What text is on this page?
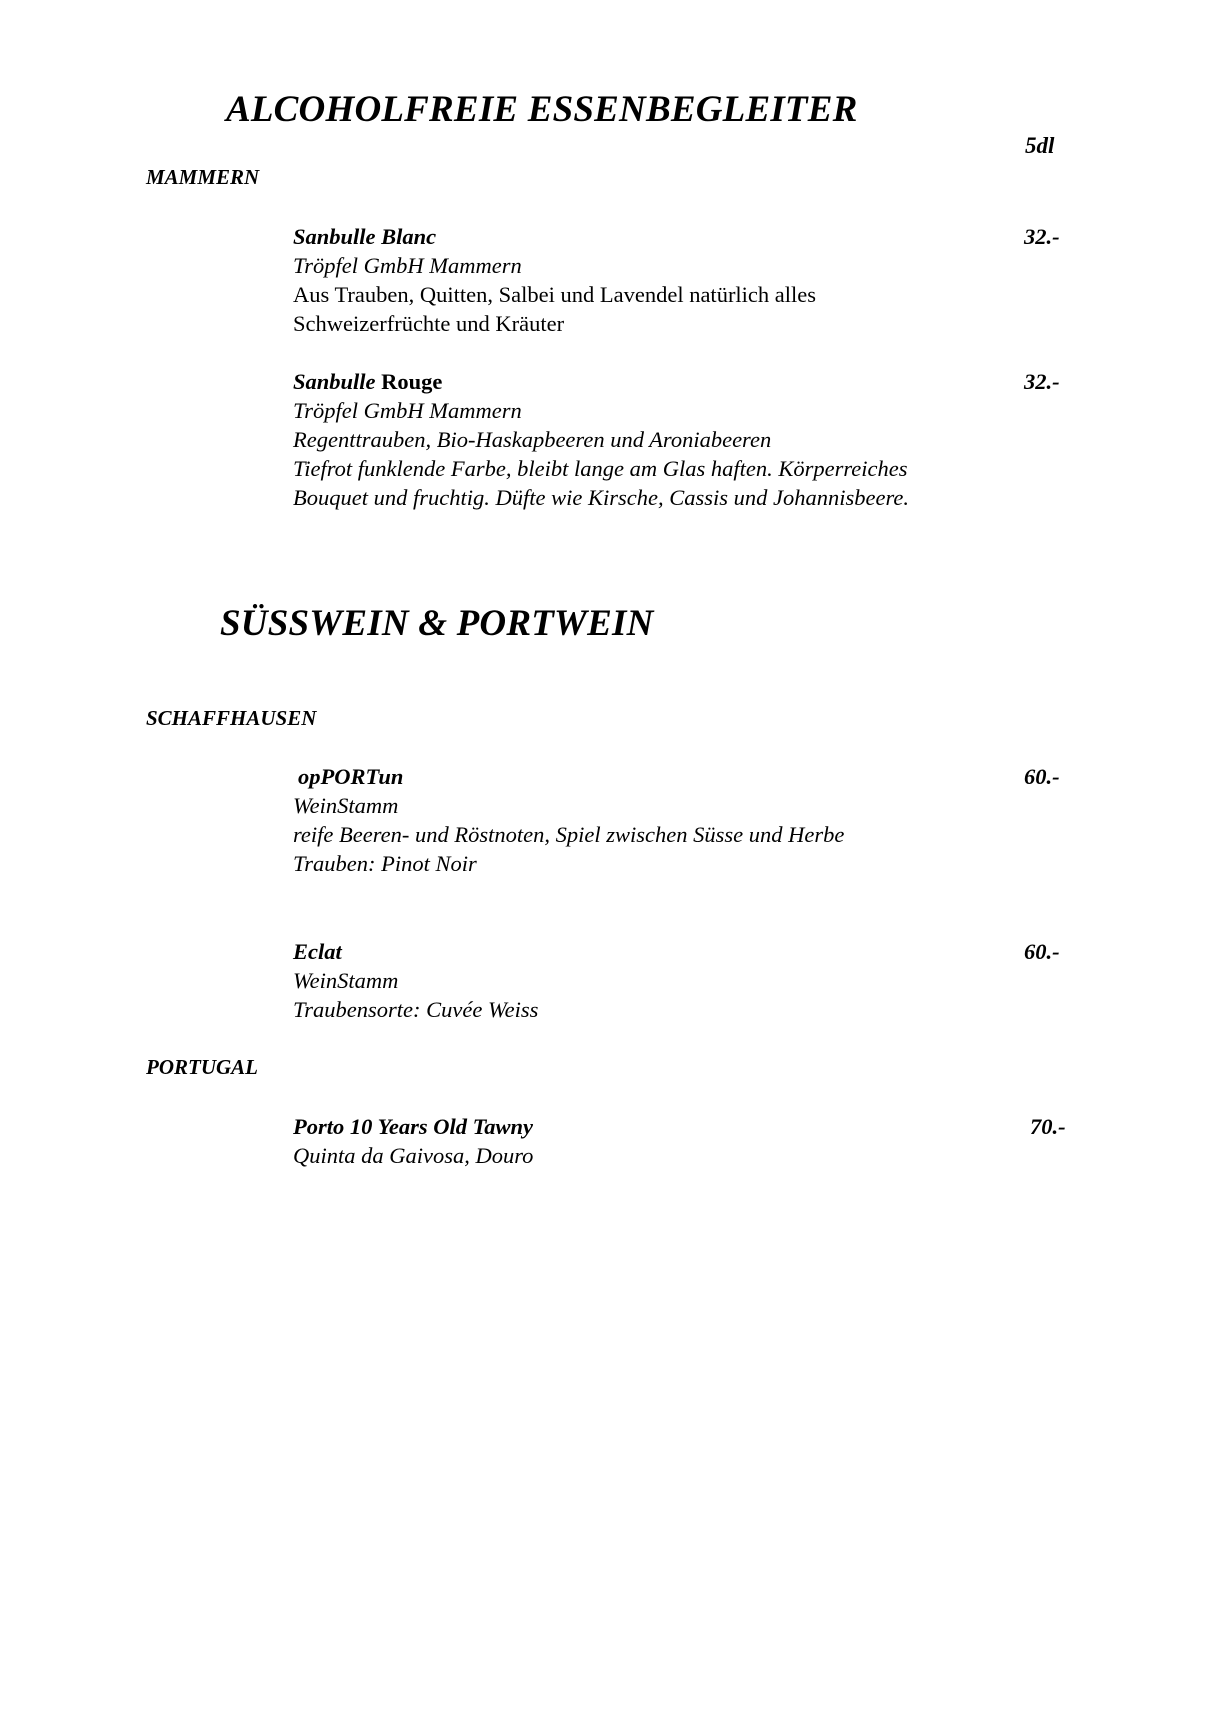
ALCOHOLFREIE ESSENBEGLEITER
5dl
MAMMERN
Sanbulle Blanc	32.-
Tröpfel GmbH Mammern
Aus Trauben, Quitten, Salbei und Lavendel natürlich alles
Schweizerfrüchte und Kräuter
Sanbulle Rouge	32.-
Tröpfel GmbH Mammern
Regenttrauben, Bio-Haskapbeeren und Aroniabeeren
Tiefrot funklende Farbe, bleibt lange am Glas haften. Körperreiches
Bouquet und fruchtig. Düfte wie Kirsche, Cassis und Johannisbeere.
SÜSSWEIN & PORTWEIN
SCHAFFHAUSEN
opPORTun	60.-
WeinStamm
reife Beeren- und Röstnoten, Spiel zwischen Süsse und Herbe
Trauben: Pinot Noir
Eclat	60.-
WeinStamm
Traubensorte: Cuvée Weiss
PORTUGAL
Porto 10 Years Old Tawny	70.-
Quinta da Gaivosa, Douro
